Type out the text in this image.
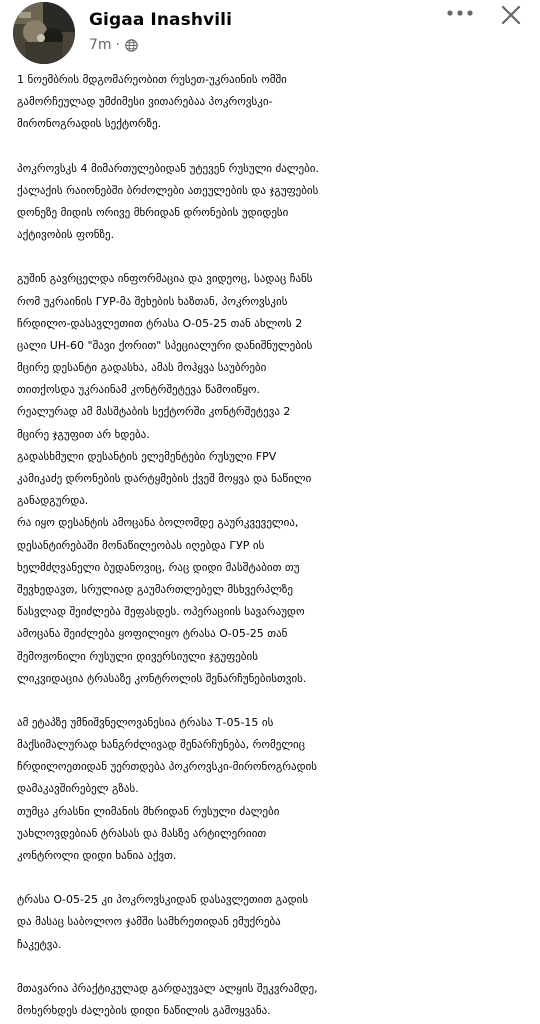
Gigaa Inashvili
7m ·
1 ნოემბრის მდგომარეობით რუსეთ-უკრაინის ომში
გამორჩეულად უმძიმესი ვითარებაა პოკროვსკი-
მირონოგრადის სექტორზე.
პოკროვსკს 4 მიმართულებიდან უტევენ რუსული ძალები.
ქალაქის რაიონებში ბრძოლები ათეულების და ჯგუფების
დონეზე მიდის ორივე მხრიდან დრონების უდიდესი
აქტივობის ფონზე.
გუშინ გავრცელდა ინფორმაცია და ვიდეოც, სადაც ჩანს
რომ უკრაინის ГУР-მა შეხების ხაზთან, პოკროვსკის
ჩრდილო-დასავლეთით ტრასა О-05-25 თან ახლოს 2
ცალი UH-60 "შავი ქორით" სპეციალური დანიშნულების
მცირე დესანტი გადასხა, ამას მოჰყვა საუბრები
თითქოსდა უკრაინამ კონტრშეტევა წამოიწყო.
რეალურად ამ მასშტაბის სექტორში კონტრშეტევა 2
მცირე ჯგუფით არ ხდება.
გადასხმული დესანტის ელემენტები რუსული FPV
კამიკაძე დრონების დარტყმების ქვეშ მოყვა და ნაწილი
განადგურდა.
რა იყო დესანტის ამოცანა ბოლომდე გაურკვეველია,
დესანტირებაში მონაწილეობას იღებდა ГУР ის
ხელმძღვანელი ბუდანოვიც, რაც დიდი მასშტაბით თუ
შევხედავთ, სრულიად გაუმართლებელ მსხვერპლზე
წასვლად შეიძლება შეფასდეს. ოპერაციის სავარაუდო
ამოცანა შეიძლება ყოფილიყო ტრასა О-05-25 თან
შემოჟონილი რუსული დივერსიული ჯგუფების
ლიკვიდაცია ტრასაზე კონტროლის შენარჩუნებისთვის.
ამ ეტაპზე უმნიშვნელოვანესია ტრასა Т-05-15 ის
მაქსიმალურად ხანგრძლივად შენარჩუნება, რომელიც
ჩრდილოეთიდან უერთდება პოკროვსკი-მირონოგრადის
დამაკავშირებელ გზას.
თუმცა კრასნი ლიმანის მხრიდან რუსული ძალები
უახლოვდებიან ტრასას და მასზე არტილერიით
კონტროლი დიდი ხანია აქვთ.
ტრასა О-05-25 კი პოკროვსკიდან დასავლეთით გადის
და მასაც საბოლოო ჯამში სამხრეთიდან ემუქრება
ჩაკეტვა.
მთავარია პრაქტიკულად გარდაუვალ ალყის შეკვრამდე,
მოხერხდეს ძალების დიდი ნაწილის გამოყვანა.
